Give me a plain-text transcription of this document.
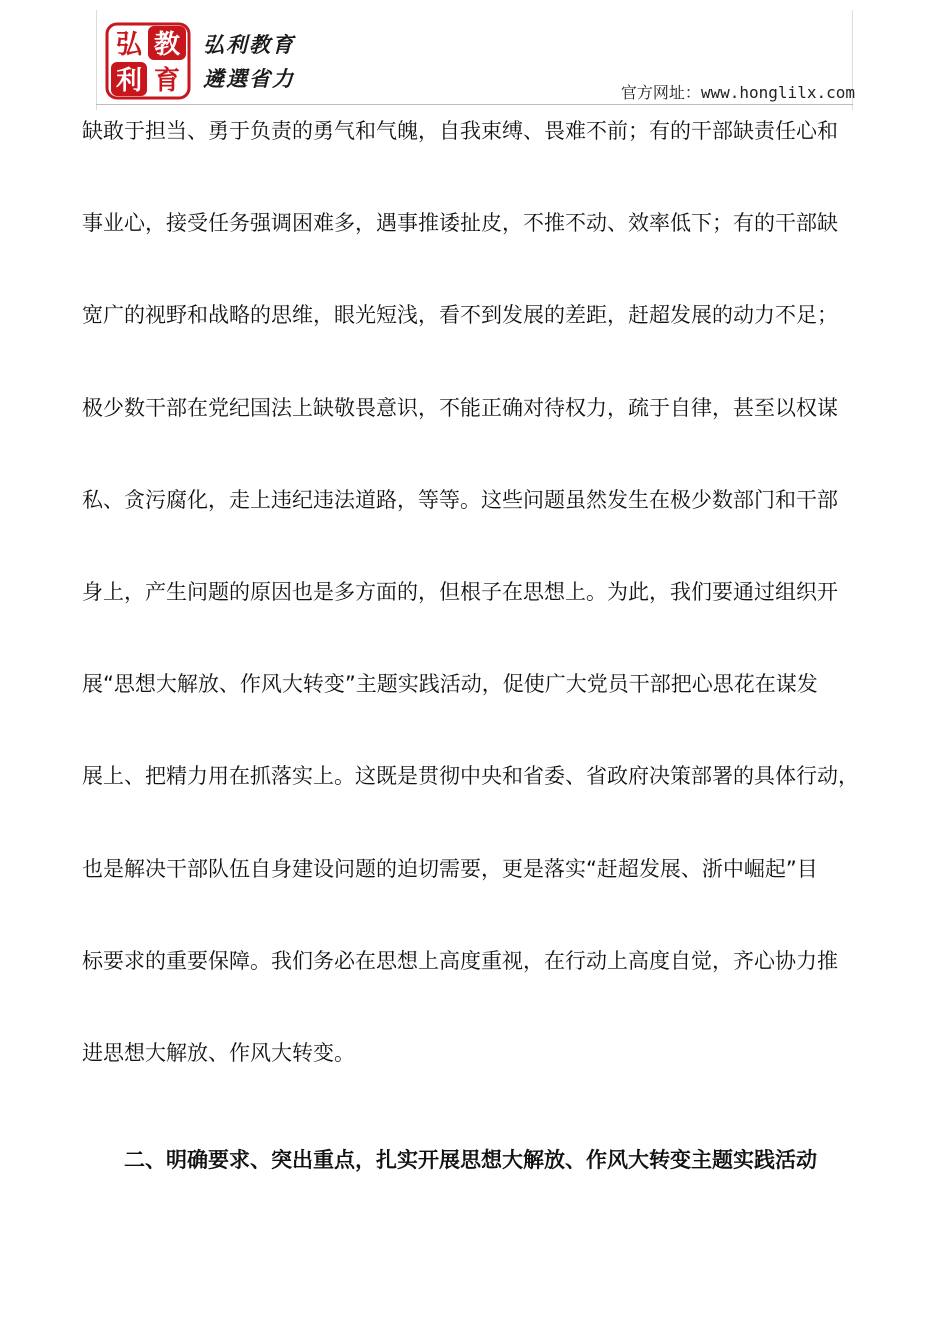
弘 教
利 育
弘利教育
遴選省力
官方网址：www.honglilx.com
缺敢于担当、勇于负责的勇气和气魄，自我束缚、畏难不前；有的干部缺责任心和
事业心，接受任务强调困难多，遇事推诿扯皮，不推不动、效率低下；有的干部缺
宽广的视野和战略的思维，眼光短浅，看不到发展的差距，赶超发展的动力不足；
极少数干部在党纪国法上缺敬畏意识，不能正确对待权力，疏于自律，甚至以权谋
私、贪污腐化，走上违纪违法道路，等等。这些问题虽然发生在极少数部门和干部
身上，产生问题的原因也是多方面的，但根子在思想上。为此，我们要通过组织开
展“思想大解放、作风大转变”主题实践活动，促使广大党员干部把心思花在谋发
展上、把精力用在抓落实上。这既是贯彻中央和省委、省政府决策部署的具体行动，
也是解决干部队伍自身建设问题的迫切需要，更是落实“赶超发展、浙中崛起”目
标要求的重要保障。我们务必在思想上高度重视，在行动上高度自觉，齐心协力推
进思想大解放、作风大转变。
二、明确要求、突出重点，扎实开展思想大解放、作风大转变主题实践活动
